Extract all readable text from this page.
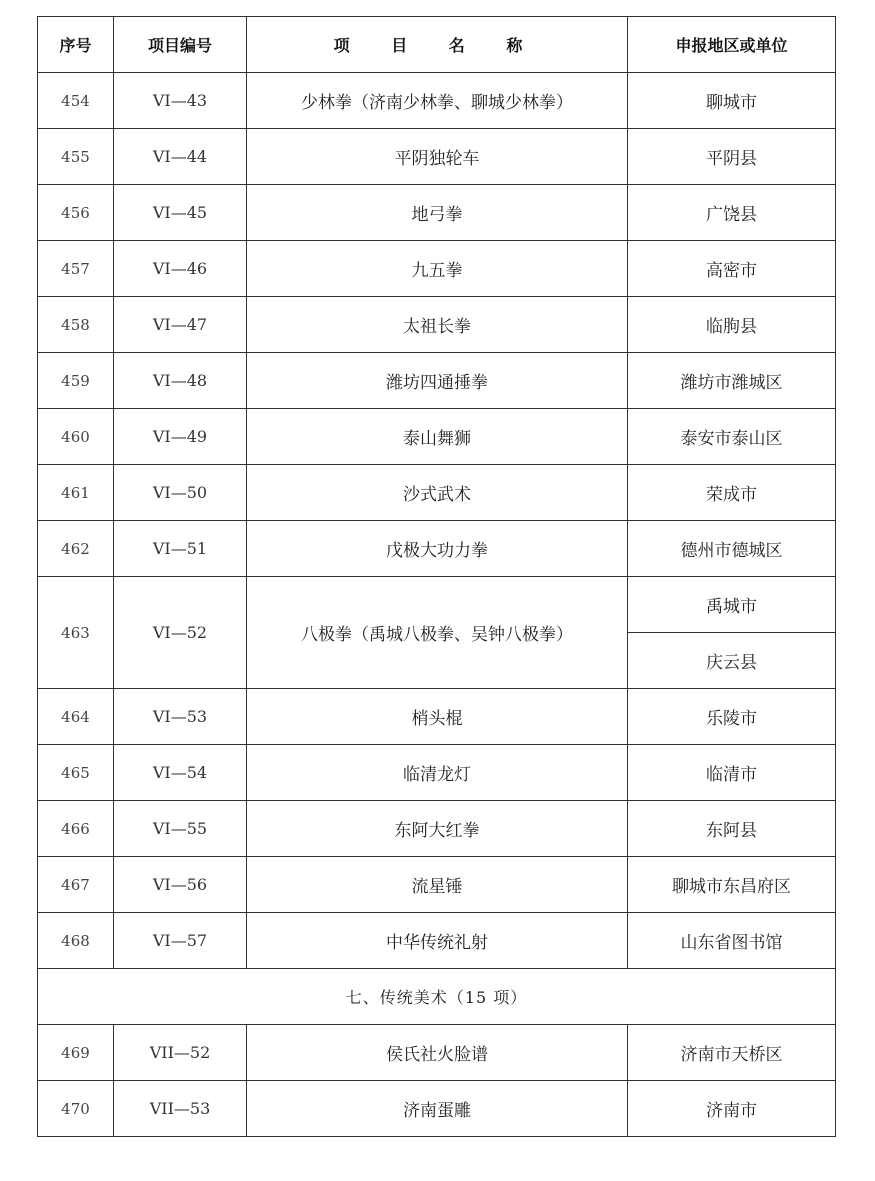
序号	项目编号	项 目 名 称	申报地区或单位
454	VI—43	少林拳（济南少林拳、聊城少林拳）	聊城市
455	VI—44	平阴独轮车	平阴县
456	VI—45	地弓拳	广饶县
457	VI—46	九五拳	高密市
458	VI—47	太祖长拳	临朐县
459	VI—48	潍坊四通捶拳	潍坊市潍城区
460	VI—49	泰山舞狮	泰安市泰山区
461	VI—50	沙式武术	荣成市
462	VI—51	戊极大功力拳	德州市德城区
463	VI—52	八极拳（禹城八极拳、吴钟八极拳）	禹城市
			庆云县
464	VI—53	梢头棍	乐陵市
465	VI—54	临清龙灯	临清市
466	VI—55	东阿大红拳	东阿县
467	VI—56	流星锤	聊城市东昌府区
468	VI—57	中华传统礼射	山东省图书馆
七、传统美术（15 项）			
469	VII—52	侯氏社火脸谱	济南市天桥区
470	VII—53	济南蛋雕	济南市
